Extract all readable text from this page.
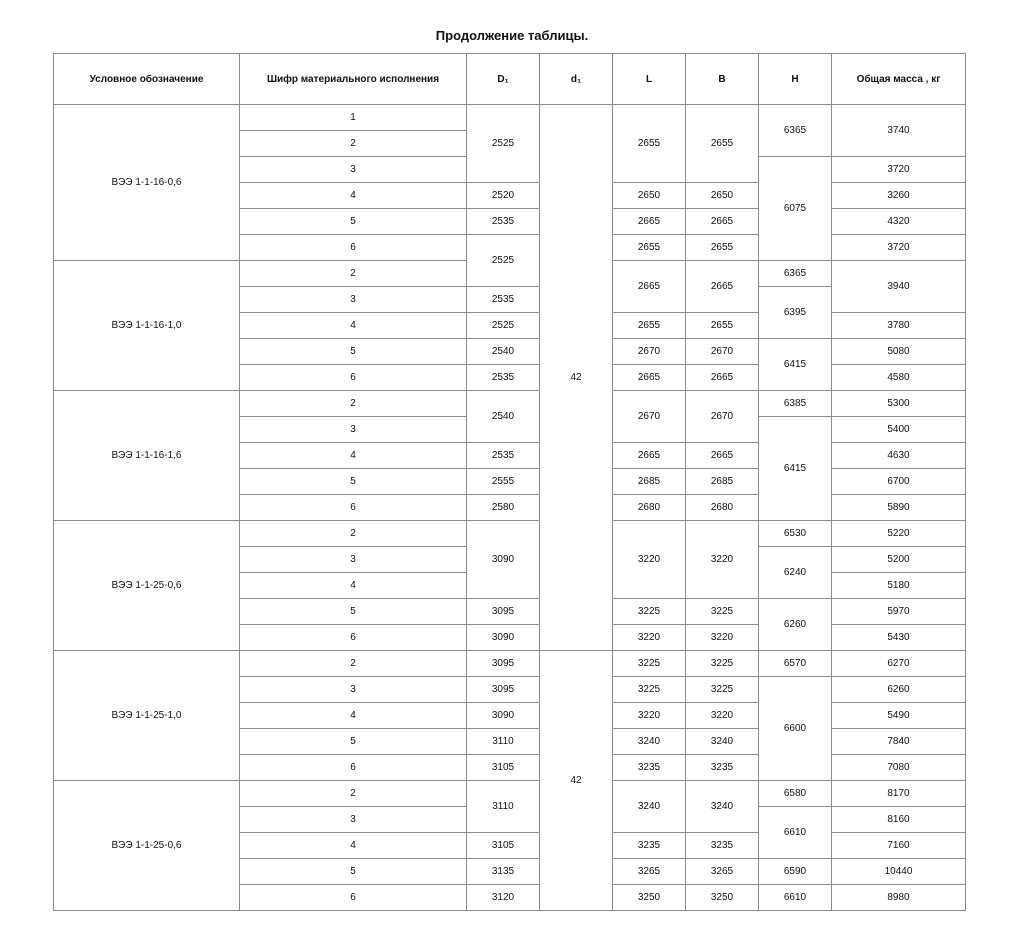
Продолжение таблицы.
Условное обозначение	Шифр материального исполнения	D₁	d₁	L	B	H	Общая масса , кг
ВЭЭ 1-1-16-0,6	1	2525	42	2655	2655	6365	3740
	2						
	3					6075	3720
	4	2520		2650	2650		3260
	5	2535		2665	2665		4320
	6	2525		2655	2655		3720
ВЭЭ 1-1-16-1,0	2			2665	2665	6365	3940
	3	2535				6395	
	4	2525		2655	2655		3780
	5	2540		2670	2670	6415	5080
	6	2535		2665	2665		4580
ВЭЭ 1-1-16-1,6	2	2540		2670	2670	6385	5300
	3					6415	5400
	4	2535		2665	2665		4630
	5	2555		2685	2685		6700
	6	2580		2680	2680		5890
ВЭЭ 1-1-25-0,6	2	3090		3220	3220	6530	5220
	3					6240	5200
	4						5180
	5	3095		3225	3225	6260	5970
	6	3090		3220	3220		5430
ВЭЭ 1-1-25-1,0	2	3095	42	3225	3225	6570	6270
	3	3095		3225	3225	6600	6260
	4	3090		3220	3220		5490
	5	3110		3240	3240		7840
	6	3105		3235	3235		7080
ВЭЭ 1-1-25-0,6	2	3110		3240	3240	6580	8170
	3					6610	8160
	4	3105		3235	3235		7160
	5	3135		3265	3265	6590	10440
	6	3120		3250	3250	6610	8980
